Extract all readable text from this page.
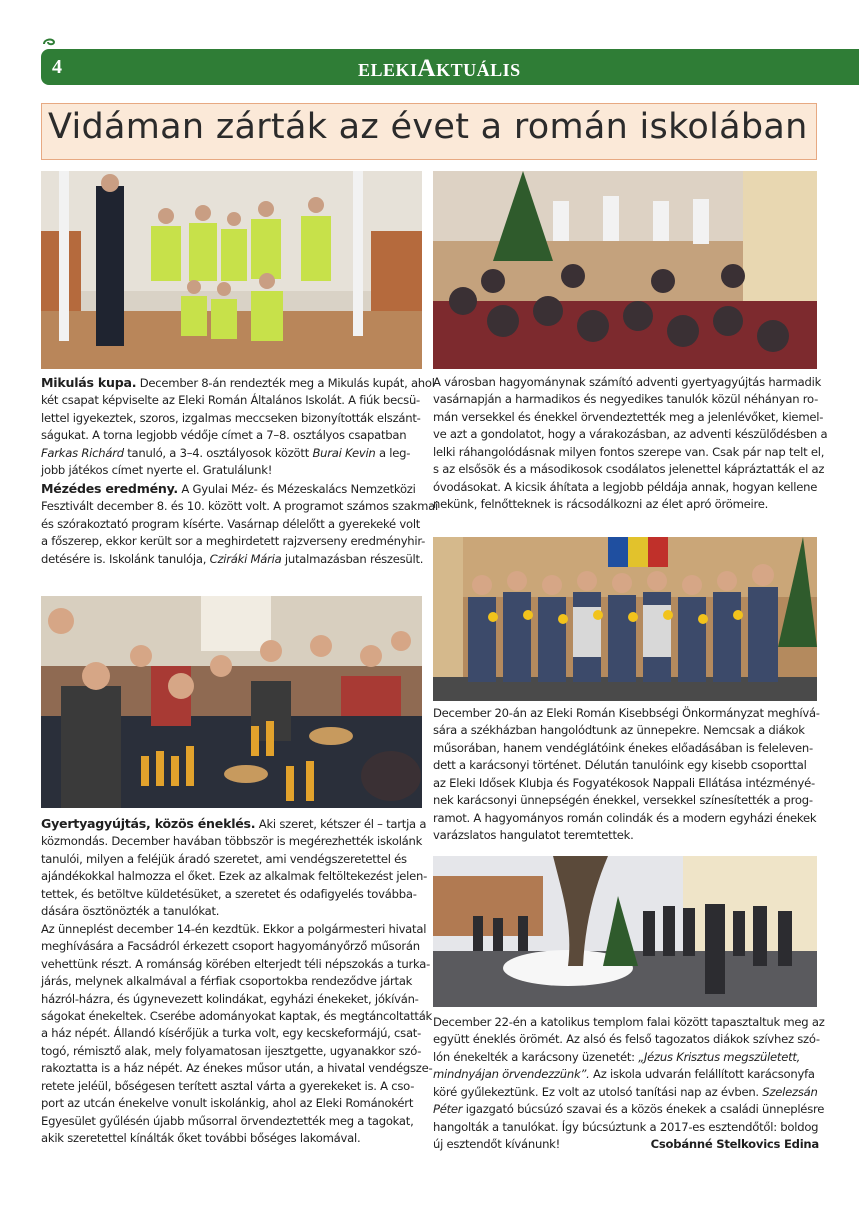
4	ELEKIAKTUÁLIS
Vidáman zárták az évet a román iskolában
Mikulás kupa. December 8-án rendezték meg a Mikulás kupát, ahol
két csapat képviselte az Eleki Román Általános Iskolát. A fiúk becsü-
lettel igyekeztek, szoros, izgalmas meccseken bizonyították elszánt-
ságukat. A torna legjobb védője címet a 7–8. osztályos csapatban
Farkas Richárd tanuló, a 3–4. osztályosok között Burai Kevin a leg-
jobb játékos címet nyerte el. Gratulálunk!
Mézédes eredmény. A Gyulai Méz- és Mézeskalács Nemzetközi
Fesztivált december 8. és 10. között volt. A programot számos szakmai
és szórakoztató program kísérte. Vasárnap délelőtt a gyerekeké volt
a főszerep, ekkor került sor a meghirdetett rajzverseny eredményhir-
detésére is. Iskolánk tanulója, Cziráki Mária jutalmazásban részesült.
Gyertyagyújtás, közös éneklés. Aki szeret, kétszer él – tartja a
közmondás. December havában többször is megérezhették iskolánk
tanulói, milyen a feléjük áradó szeretet, ami vendégszeretettel és
ajándékokkal halmozza el őket. Ezek az alkalmak feltöltekezést jelen-
tettek, és betöltve küldetésüket, a szeretet és odafigyelés továbba-
dására ösztönözték a tanulókat.
Az ünneplést december 14-én kezdtük. Ekkor a polgármesteri hivatal
meghívására a Facsádról érkezett csoport hagyományőrző műsorán
vehettünk részt. A románság körében elterjedt téli népszokás a turka-
járás, melynek alkalmával a férfiak csoportokba rendeződve jártak
házról-házra, és úgynevezett kolindákat, egyházi énekeket, jókíván-
ságokat énekeltek. Cserébe adományokat kaptak, és megtáncoltatták
a ház népét. Állandó kísérőjük a turka volt, egy kecskeformájú, csat-
togó, rémisztő alak, mely folyamatosan ijesztgette, ugyanakkor szó-
rakoztatta is a ház népét. Az énekes műsor után, a hivatal vendégsze-
retete jeléül, bőségesen terített asztal várta a gyerekeket is. A cso-
port az utcán énekelve vonult iskolánkig, ahol az Eleki Románokért
Egyesület gyűlésén újabb műsorral örvendeztették meg a tagokat,
akik szeretettel kínálták őket további bőséges lakomával.
A városban hagyománynak számító adventi gyertyagyújtás harmadik
vasárnapján a harmadikos és negyedikes tanulók közül néhányan ro-
mán versekkel és énekkel örvendeztették meg a jelenlévőket, kiemel-
ve azt a gondolatot, hogy a várakozásban, az adventi készülődésben a
lelki ráhangolódásnak milyen fontos szerepe van. Csak pár nap telt el,
s az elsősök és a másodikosok csodálatos jelenettel kápráztatták el az
óvodásokat. A kicsik áhítata a legjobb példája annak, hogyan kellene
nekünk, felnőtteknek is rácsodálkozni az élet apró örömeire.
December 20-án az Eleki Román Kisebbségi Önkormányzat meghívá-
sára a székházban hangolódtunk az ünnepekre. Nemcsak a diákok
műsorában, hanem vendéglátóink énekes előadásában is feleleven-
dett a karácsonyi történet. Délután tanulóink egy kisebb csoporttal
az Eleki Idősek Klubja és Fogyatékosok Nappali Ellátása intézményé-
nek karácsonyi ünnepségén énekkel, versekkel színesítették a prog-
ramot. A hagyományos román colindák és a modern egyházi énekek
varázslatos hangulatot teremtettek.
December 22-én a katolikus templom falai között tapasztaltuk meg az
együtt éneklés örömét. Az alsó és felső tagozatos diákok szívhez szó-
lón énekelték a karácsony üzenetét: „Jézus Krisztus megszületett,
mindnyájan örvendezzünk”. Az iskola udvarán felállított karácsonyfa
köré gyűlekeztünk. Ez volt az utolsó tanítási nap az évben. Szelezsán
Péter igazgató búcsúzó szavai és a közös énekek a családi ünneplésre
hangolták a tanulókat. Így búcsúztunk a 2017-es esztendőtől: boldog
új esztendőt kívánunk!	Csobánné Stelkovics Edina
